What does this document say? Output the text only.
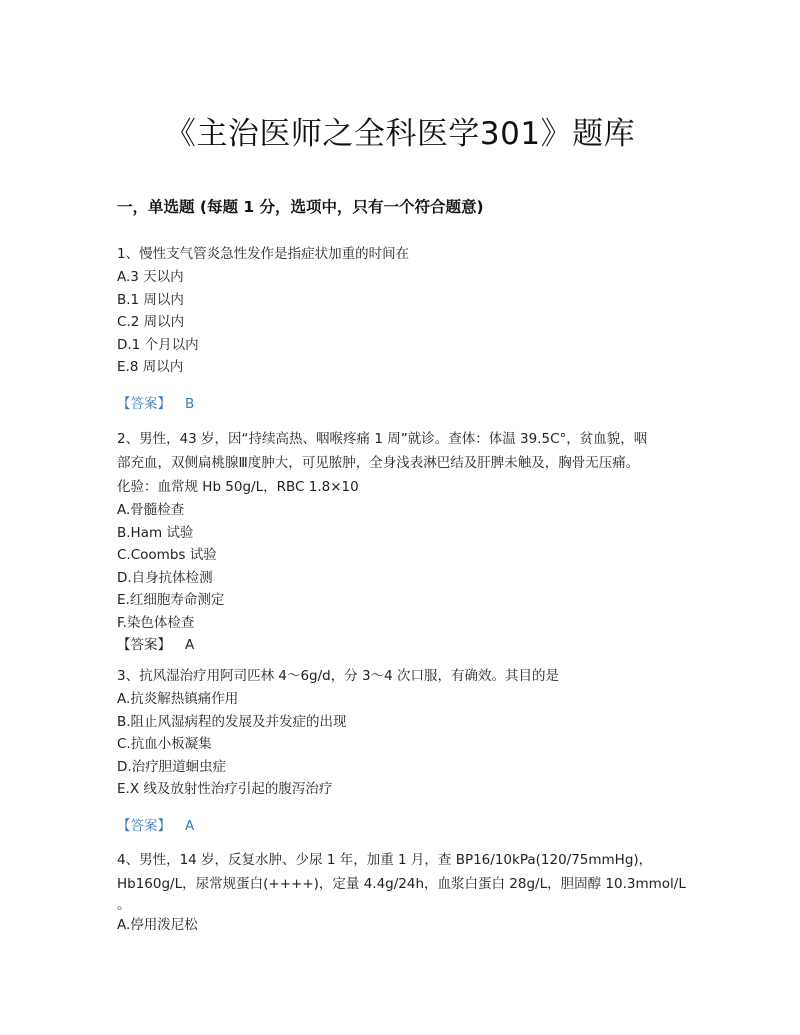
《主治医师之全科医学301》题库
一，单选题 (每题 1 分，选项中，只有一个符合题意)

1、慢性支气管炎急性发作是指症状加重的时间在

A.3 天以内

B.1 周以内

C.2 周以内

D.1 个月以内

E.8 周以内

【答案】 B

2、男性，43 岁，因“持续高热、咽喉疼痛 1 周”就诊。查体：体温 39.5C°，贫血貌，咽

部充血，双侧扁桃腺Ⅲ度肿大，可见脓肿，全身浅表淋巴结及肝脾未触及，胸骨无压痛。

化验：血常规 Hb 50g/L，RBC 1.8×10

A.骨髓检查

B.Ham 试验

C.Coombs 试验

D.自身抗体检测

E.红细胞寿命测定

F.染色体检查

【答案】 A

3、抗风湿治疗用阿司匹林 4～6g/d，分 3～4 次口服，有确效。其目的是

A.抗炎解热镇痛作用

B.阻止风湿病程的发展及并发症的出现

C.抗血小板凝集

D.治疗胆道蛔虫症

E.X 线及放射性治疗引起的腹泻治疗

【答案】 A

4、男性，14 岁，反复水肿、少尿 1 年，加重 1 月，查 BP16/10kPa(120/75mmHg)，

Hb160g/L，尿常规蛋白(++++)，定量 4.4g/24h，血浆白蛋白 28g/L，胆固醇 10.3mmol/L

。

A.停用泼尼松
